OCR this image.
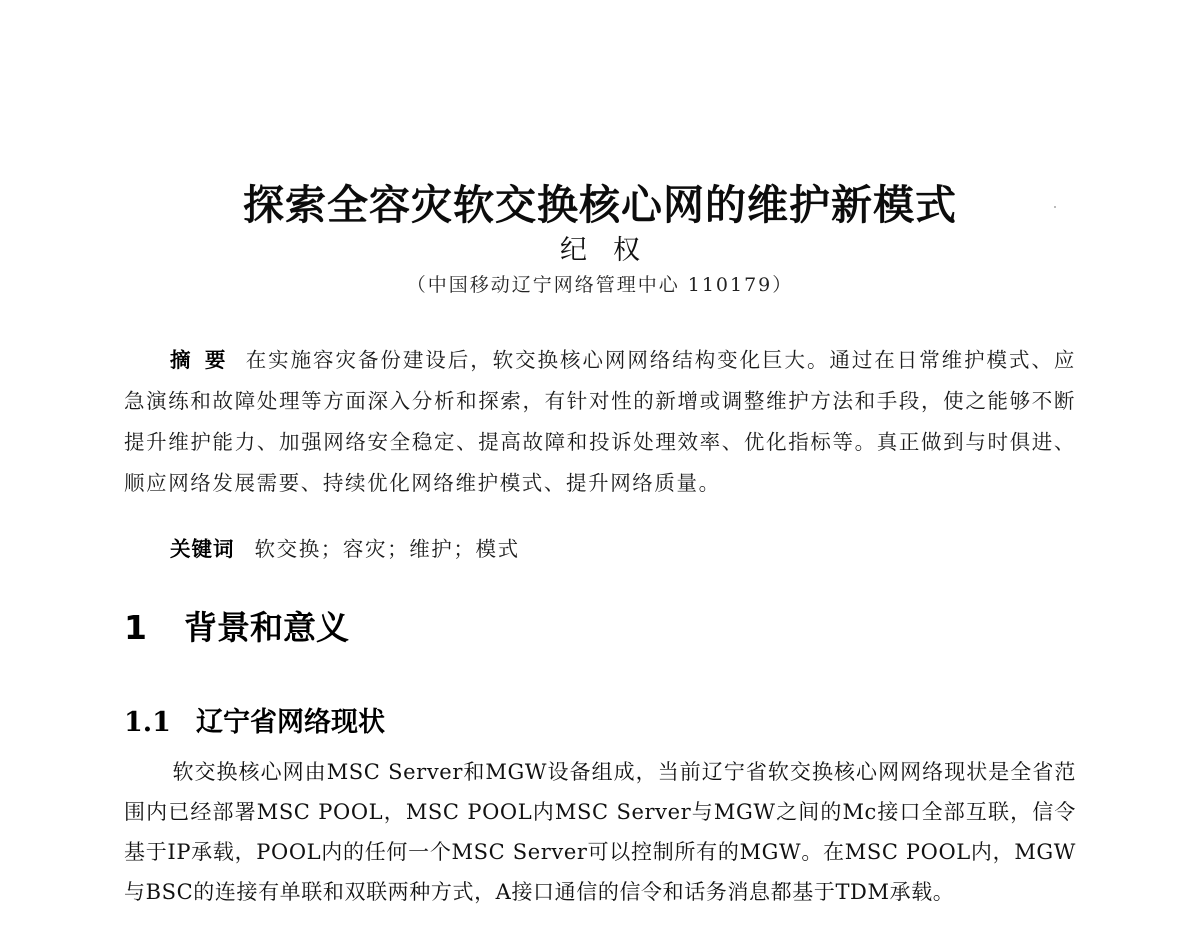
探索全容灾软交换核心网的维护新模式
纪权
（中国移动辽宁网络管理中心 110179）
摘要 在实施容灾备份建设后，软交换核心网网络结构变化巨大。通过在日常维护模式、应急演练和故障处理等方面深入分析和探索，有针对性的新增或调整维护方法和手段，使之能够不断提升维护能力、加强网络安全稳定、提高故障和投诉处理效率、优化指标等。真正做到与时俱进、顺应网络发展需要、持续优化网络维护模式、提升网络质量。
关键词 软交换；容灾；维护；模式
1 背景和意义
1.1 辽宁省网络现状
软交换核心网由MSC Server和MGW设备组成，当前辽宁省软交换核心网网络现状是全省范围内已经部署MSC POOL，MSC POOL内MSC Server与MGW之间的Mc接口全部互联，信令基于IP承载，POOL内的任何一个MSC Server可以控制所有的MGW。在MSC POOL内，MGW与BSC的连接有单联和双联两种方式，A接口通信的信令和话务消息都基于TDM承载。
